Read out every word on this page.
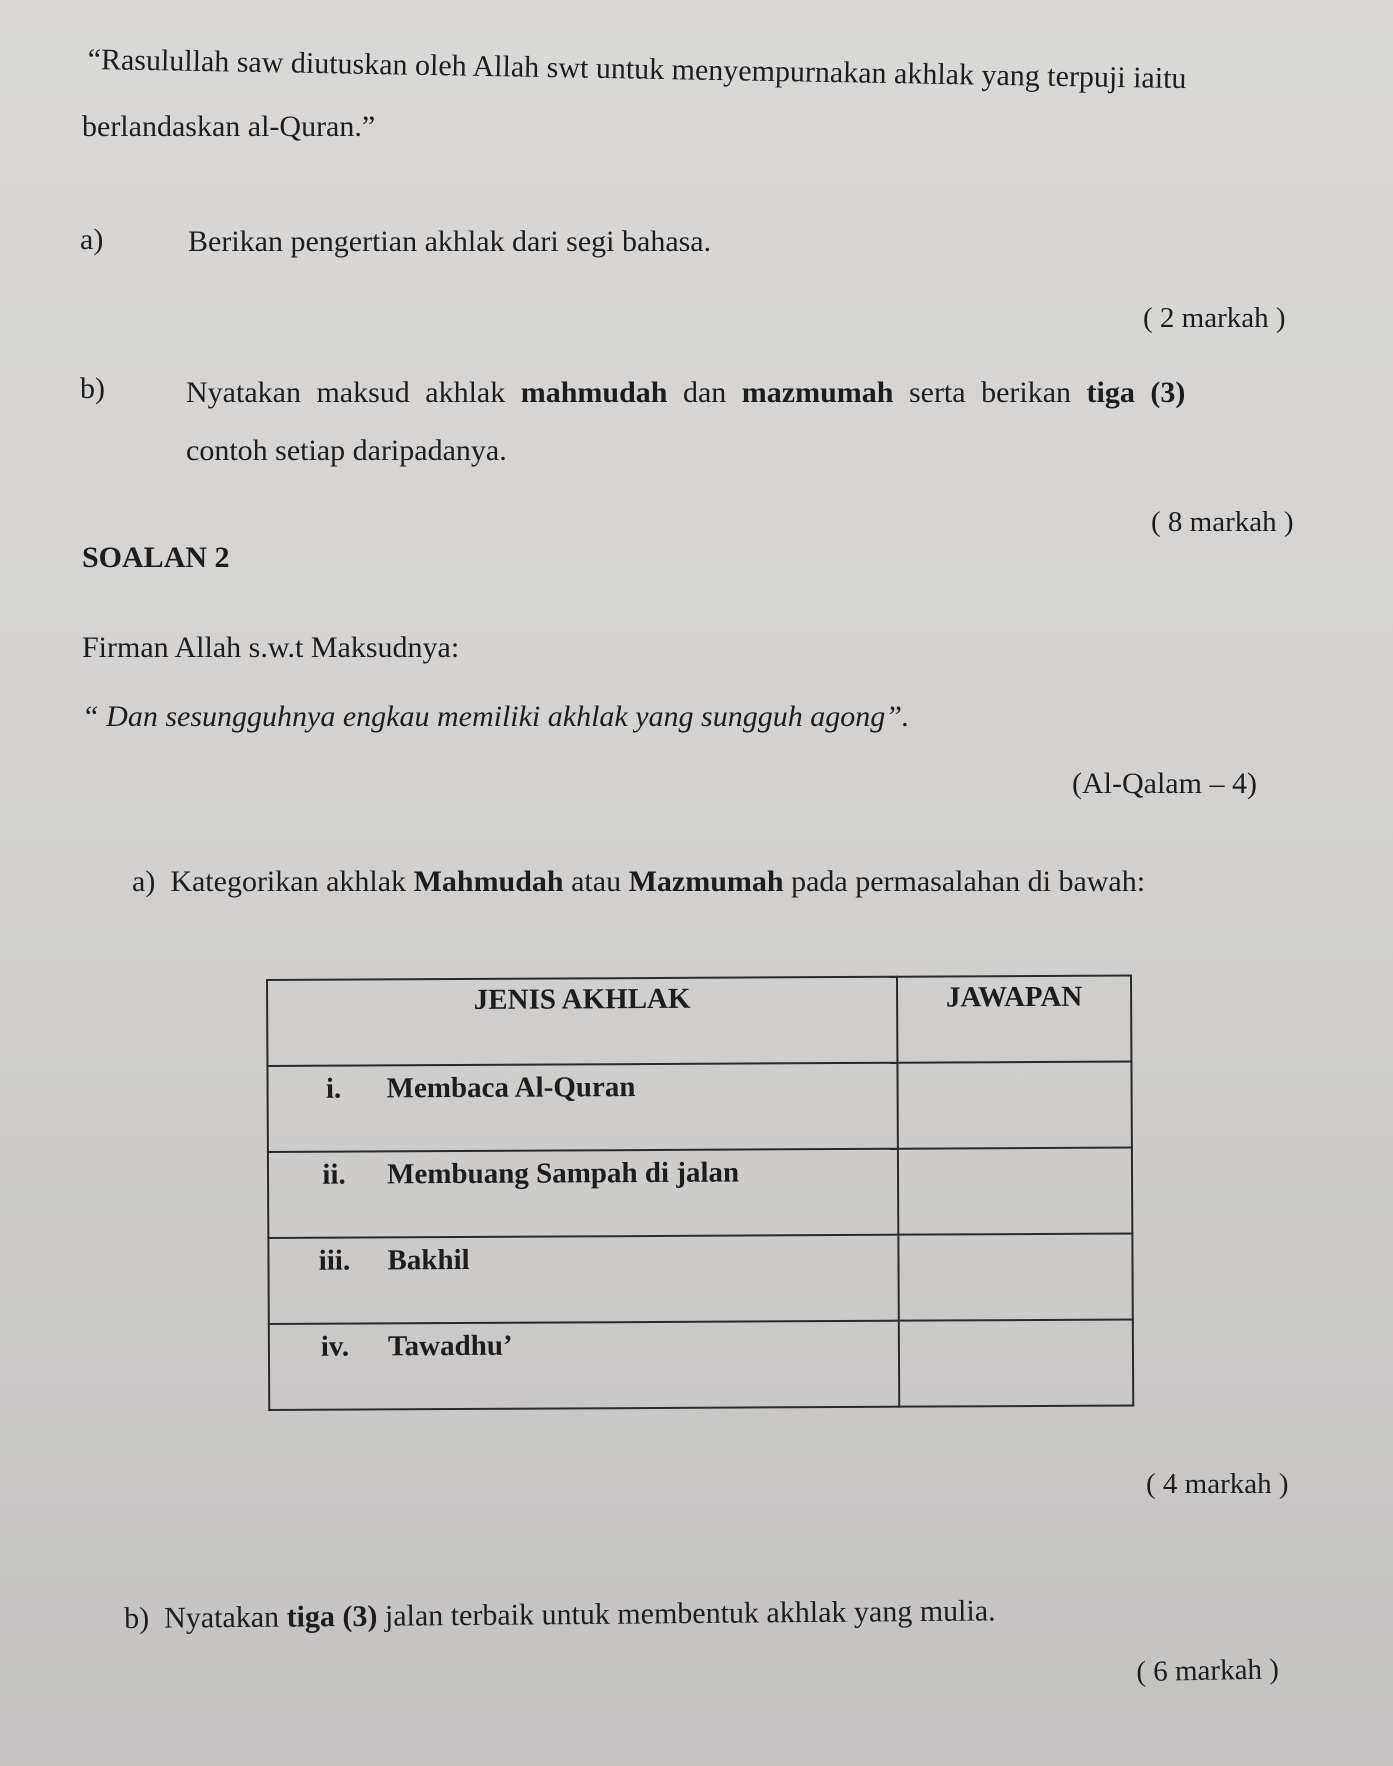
“Rasulullah saw diutuskan oleh Allah swt untuk menyempurnakan akhlak yang terpuji iaitu
berlandaskan al-Quran.”
a)	Berikan pengertian akhlak dari segi bahasa.
( 2 markah )
b)	Nyatakan maksud akhlak mahmudah dan mazmumah serta berikan tiga (3)
contoh setiap daripadanya.
( 8 markah )
SOALAN 2
Firman Allah s.w.t Maksudnya:
“ Dan sesungguhnya engkau memiliki akhlak yang sungguh agong”.
(Al-Qalam – 4)
a) Kategorikan akhlak Mahmudah atau Mazmumah pada permasalahan di bawah:
JENIS AKHLAK	JAWAPAN

i. Membaca Al-Quran	

ii. Membuang Sampah di jalan	

iii. Bakhil	

iv. Tawadhu’	

( 4 markah )
b) Nyatakan tiga (3) jalan terbaik untuk membentuk akhlak yang mulia.
( 6 markah )
